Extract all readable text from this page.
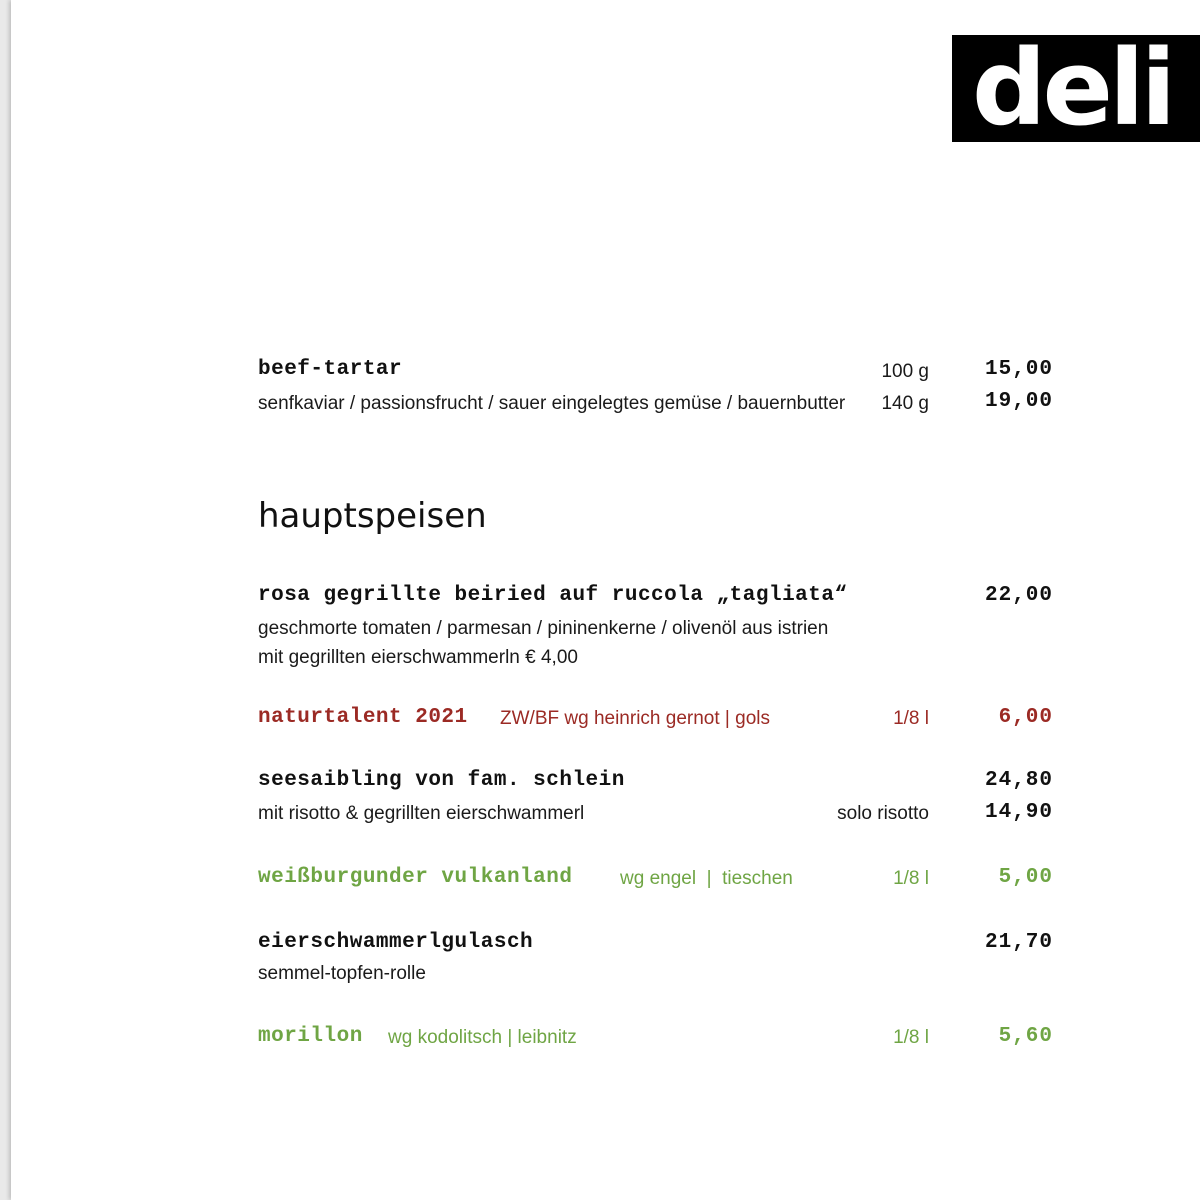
deli
beef-tartar	100 g	15,00
senfkaviar / passionsfrucht / sauer eingelegtes gemüse / bauernbutter 140 g	19,00
hauptspeisen
rosa gegrillte beiried auf ruccola „tagliata“	22,00
geschmorte tomaten / parmesan / pininenkerne / olivenöl aus istrien
mit gegrillten eierschwammerln € 4,00
naturtalent 2021 ZW/BF wg heinrich gernot | gols	1/8 l	6,00
seesaibling von fam. schlein	24,80
mit risotto & gegrillten eierschwammerl	solo risotto	14,90
weißburgunder vulkanland	wg engel  |  tieschen	1/8 l	5,00
eierschwammerlgulasch	21,70
semmel-topfen-rolle
morillon wg kodolitsch | leibnitz	1/8 l	5,60
